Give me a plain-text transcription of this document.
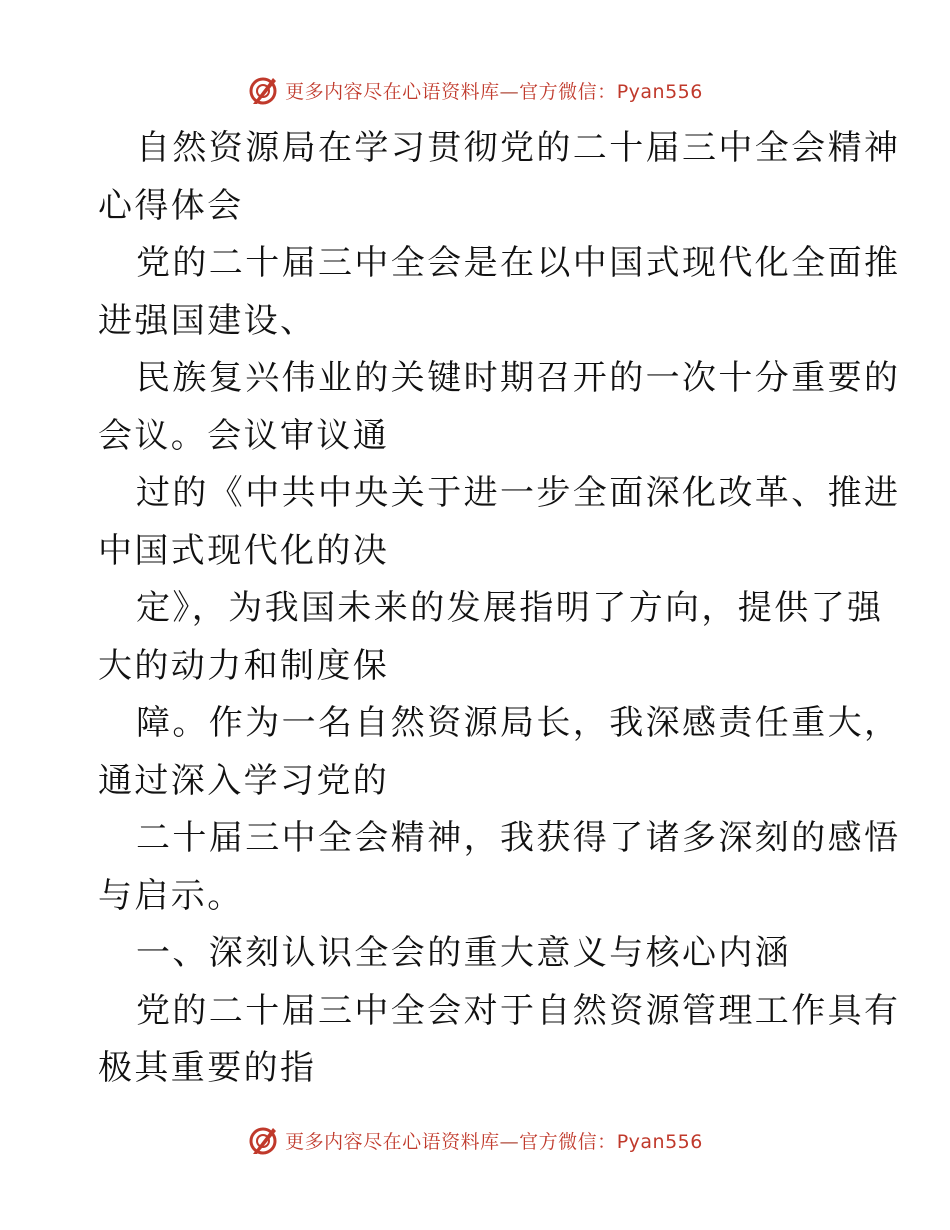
更多内容尽在心语资料库—官方微信：Pyan556

自然资源局在学习贯彻党的二十届三中全会精神
心得体会

党的二十届三中全会是在以中国式现代化全面推
进强国建设、

民族复兴伟业的关键时期召开的一次十分重要的
会议。会议审议通

过的《中共中央关于进一步全面深化改革、推进
中国式现代化的决

定》，为我国未来的发展指明了方向，提供了强
大的动力和制度保

障。作为一名自然资源局长，我深感责任重大，
通过深入学习党的

二十届三中全会精神，我获得了诸多深刻的感悟
与启示。

一、深刻认识全会的重大意义与核心内涵

党的二十届三中全会对于自然资源管理工作具有
极其重要的指

更多内容尽在心语资料库—官方微信：Pyan556
